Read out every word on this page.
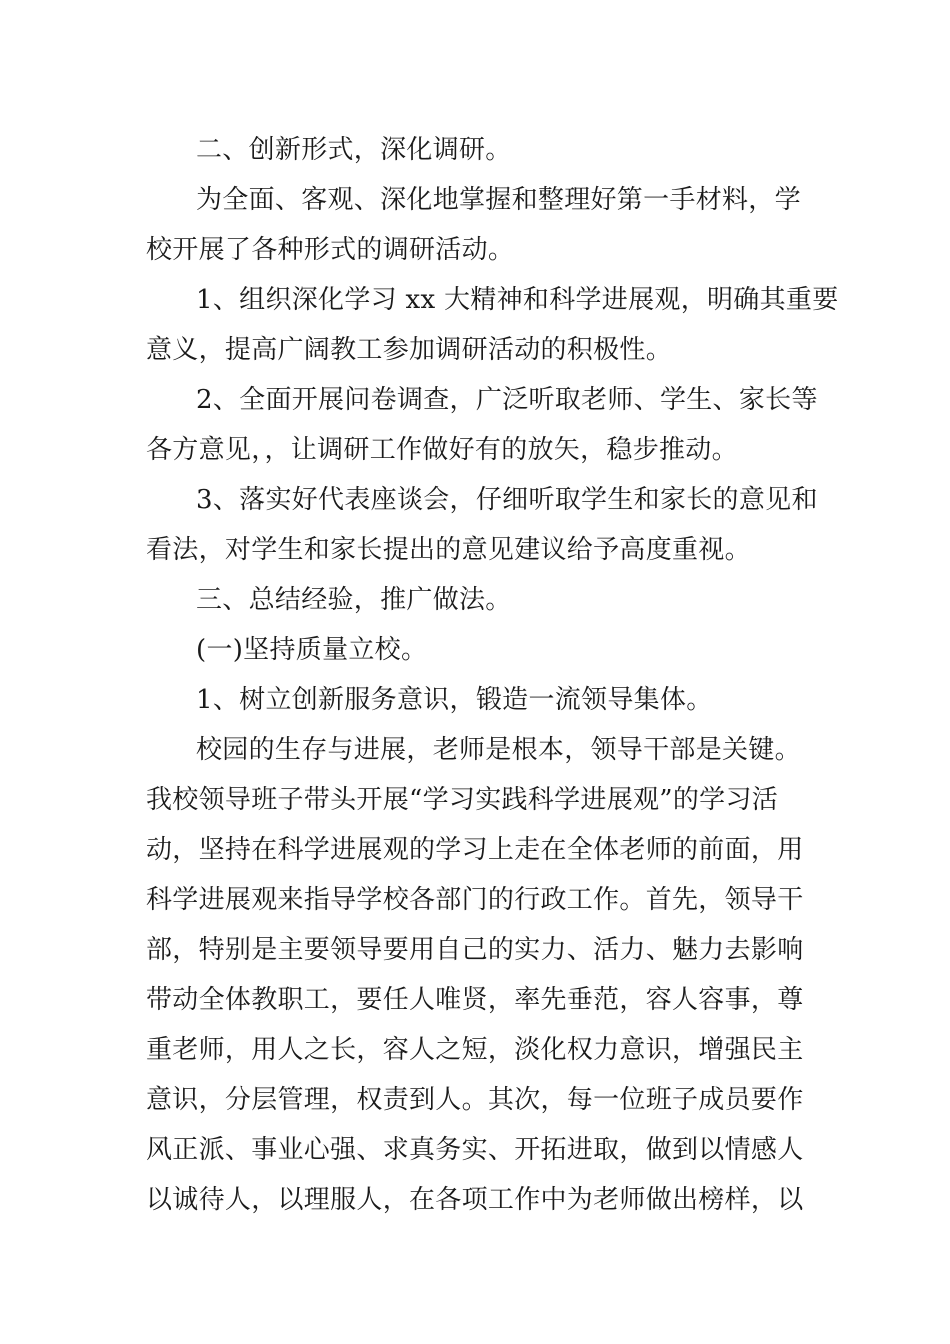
二、创新形式，深化调研。
为全面、客观、深化地掌握和整理好第一手材料，学
校开展了各种形式的调研活动。
1、组织深化学习 xx 大精神和科学进展观，明确其重要
意义，提高广阔教工参加调研活动的积极性。
2、全面开展问卷调查，广泛听取老师、学生、家长等
各方意见，，让调研工作做好有的放矢，稳步推动。
3、落实好代表座谈会，仔细听取学生和家长的意见和
看法，对学生和家长提出的意见建议给予高度重视。
三、总结经验，推广做法。
(一)坚持质量立校。
1、树立创新服务意识，锻造一流领导集体。
校园的生存与进展，老师是根本，领导干部是关键。
我校领导班子带头开展“学习实践科学进展观”的学习活
动，坚持在科学进展观的学习上走在全体老师的前面，用
科学进展观来指导学校各部门的行政工作。首先，领导干
部，特别是主要领导要用自己的实力、活力、魅力去影响
带动全体教职工，要任人唯贤，率先垂范，容人容事，尊
重老师，用人之长，容人之短，淡化权力意识，增强民主
意识，分层管理，权责到人。其次，每一位班子成员要作
风正派、事业心强、求真务实、开拓进取，做到以情感人
以诚待人，以理服人，在各项工作中为老师做出榜样，以
